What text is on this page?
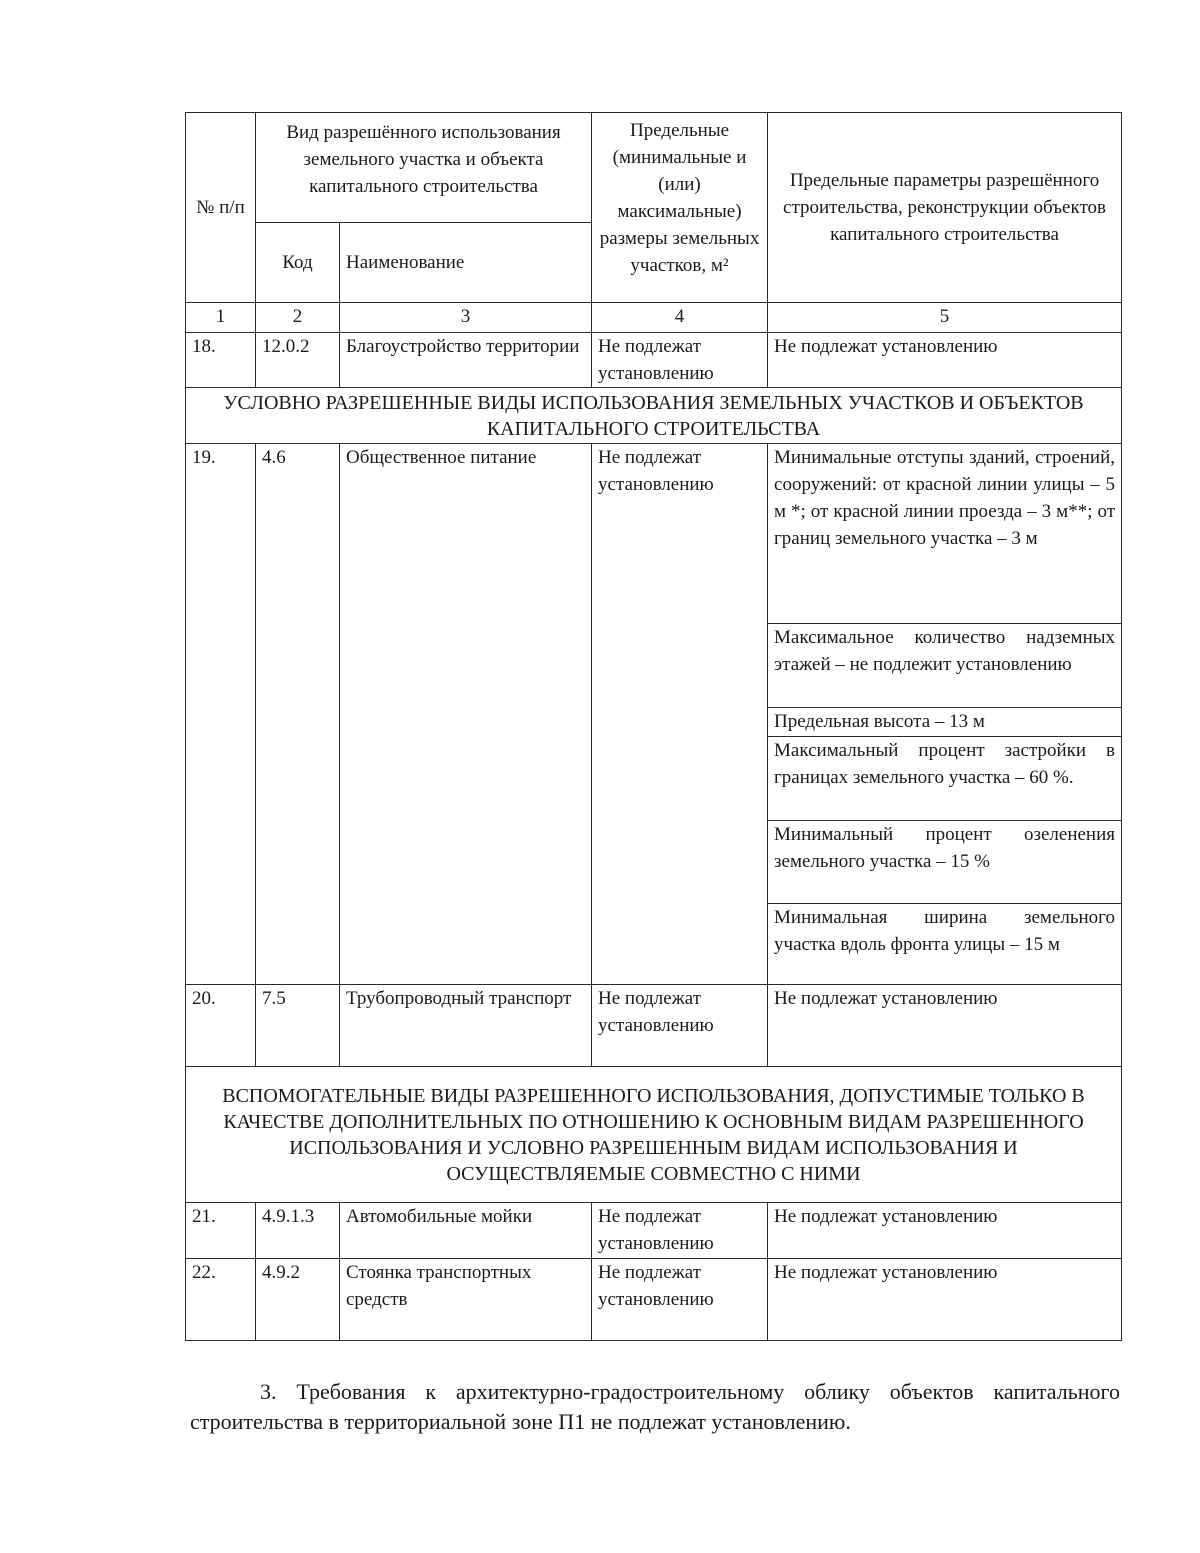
№ п/п	Вид разрешённого использования земельного участка и объекта капитального строительства		Предельные (минимальные и (или) максимальные) размеры земельных участков, м²	Предельные параметры разрешённого строительства, реконструкции объектов капитального строительства
	Код	Наименование		
1	2	3	4	5
18.	12.0.2	Благоустройство территории	Не подлежат установлению	Не подлежат установлению
УСЛОВНО РАЗРЕШЕННЫЕ ВИДЫ ИСПОЛЬЗОВАНИЯ ЗЕМЕЛЬНЫХ УЧАСТКОВ И ОБЪЕКТОВ КАПИТАЛЬНОГО СТРОИТЕЛЬСТВА				
19.	4.6	Общественное питание	Не подлежат установлению	Минимальные отступы зданий, строений, сооружений: от красной линии улицы – 5 м *; от красной линии проезда – 3 м**; от границ земельного участка – 3 м
				Максимальное количество надземных этажей – не подлежит установлению
				Предельная высота – 13 м
				Максимальный процент застройки в границах земельного участка – 60 %.
				Минимальный процент озеленения земельного участка – 15 %
				Минимальная ширина земельного участка вдоль фронта улицы – 15 м
20.	7.5	Трубопроводный транспорт	Не подлежат установлению	Не подлежат установлению
ВСПОМОГАТЕЛЬНЫЕ ВИДЫ РАЗРЕШЕННОГО ИСПОЛЬЗОВАНИЯ, ДОПУСТИМЫЕ ТОЛЬКО В КАЧЕСТВЕ ДОПОЛНИТЕЛЬНЫХ ПО ОТНОШЕНИЮ К ОСНОВНЫМ ВИДАМ РАЗРЕШЕННОГО ИСПОЛЬЗОВАНИЯ И УСЛОВНО РАЗРЕШЕННЫМ ВИДАМ ИСПОЛЬЗОВАНИЯ И ОСУЩЕСТВЛЯЕМЫЕ СОВМЕСТНО С НИМИ				
21.	4.9.1.3	Автомобильные мойки	Не подлежат установлению	Не подлежат установлению
22.	4.9.2	Стоянка транспортных средств	Не подлежат установлению	Не подлежат установлению

3. Требования к архитектурно-градостроительному облику объектов капитального строительства в территориальной зоне П1 не подлежат установлению.
